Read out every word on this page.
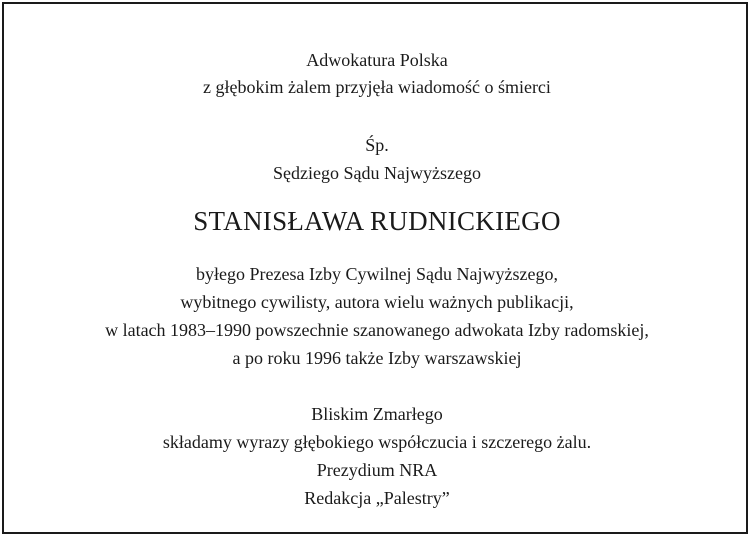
Adwokatura Polska
z głębokim żalem przyjęła wiadomość o śmierci
Śp.
Sędziego Sądu Najwyższego
STANISŁAWA RUDNICKIEGO
byłego Prezesa Izby Cywilnej Sądu Najwyższego,
wybitnego cywilisty, autora wielu ważnych publikacji,
w latach 1983–1990 powszechnie szanowanego adwokata Izby radomskiej,
a po roku 1996 także Izby warszawskiej
Bliskim Zmarłego
składamy wyrazy głębokiego współczucia i szczerego żalu.
Prezydium NRA
Redakcja „Palestry”
